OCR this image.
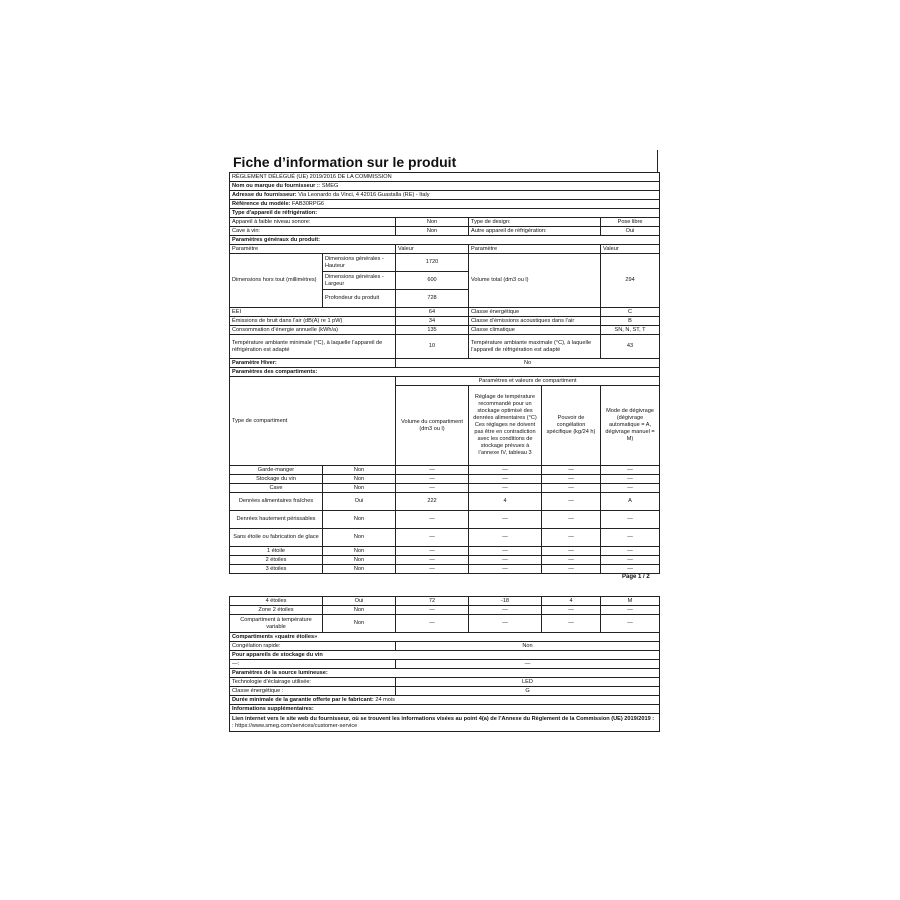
Fiche d’information sur le produit
RÈGLEMENT DÉLÉGUÉ (UE) 2019/2016 DE LA COMMISSION					
Nom ou marque du fournisseur :: SMEG					
Adresse du fournisseur: Via Leonardo da Vinci, 4 42016 Guastalla (RE) - Italy					
Référence du modèle: FAB30RPG6					
Type d’appareil de réfrigération:					
Appareil à faible niveau sonore:		Non	Type de design:		Pose libre
Cave à vin:		Non	Autre appareil de réfrigération:		Oui
Paramètres généraux du produit:					
Paramètre		Valeur	Paramètre		Valeur
Dimensions hors tout (millimètres)	Dimensions générales - Hauteur	1720	Volume total (dm3 ou l)		294
	Dimensions générales - Largeur	600			
	Profondeur du produit	728			
EEI		64	Classe énergétique		C
Émissions de bruit dans l’air (dB(A) re 1 pW)		34	Classe d’émissions acoustiques dans l’air		B
Consommation d’énergie annuelle (kWh/a)		135	Classe climatique		SN, N, ST, T
Température ambiante minimale (°C), à laquelle l’appareil de réfrigération est adapté		10	Température ambiante maximale (°C), à laquelle l’appareil de réfrigération est adapté		43
Paramètre Hiver:		No			
Paramètres des compartiments:					
Type de compartiment		Paramètres et valeurs de compartiment			
		Volume du compartiment (dm3 ou l)	Réglage de température recommandé pour un stockage optimisé des denrées alimentaires (°C) Ces réglages ne doivent pas être en contradiction avec les conditions de stockage prévues à l’annexe IV, tableau 3	Pouvoir de congélation spécifique (kg/24 h)	Mode de dégivrage (dégivrage automatique = A, dégivrage manuel = M)
Garde-manger	Non	—	—	—	—
Stockage du vin	Non	—	—	—	—
Cave	Non	—	—	—	—
Denrées alimentaires fraîches	Oui	222	4	—	A
Denrées hautement périssables	Non	—	—	—	—
Sans étoile ou fabrication de glace	Non	—	—	—	—
1 étoile	Non	—	—	—	—
2 étoiles	Non	—	—	—	—
3 étoiles	Non	—	—	—	—
Page 1 / 2
4 étoiles	Oui	72	-18	4	M
Zone 2 étoiles	Non	—	—	—	—
Compartiment à température variable	Non	—	—	—	—
Compartiments «quatre étoiles»					
Congélation rapide:		Non			
Pour appareils de stockage du vin					
—:		—			
Paramètres de la source lumineuse:					
Technologie d’éclairage utilisée:		LED			
Classe énergétique :		G			
Durée minimale de la garantie offerte par le fabricant: 24 mois					
Informations supplémentaires:					
Lien internet vers le site web du fournisseur, où se trouvent les informations visées au point 4(a) de l’Annexe du Règlement de la Commission (UE) 2019/2019 : : https://www.smeg.com/services/customer-service					
